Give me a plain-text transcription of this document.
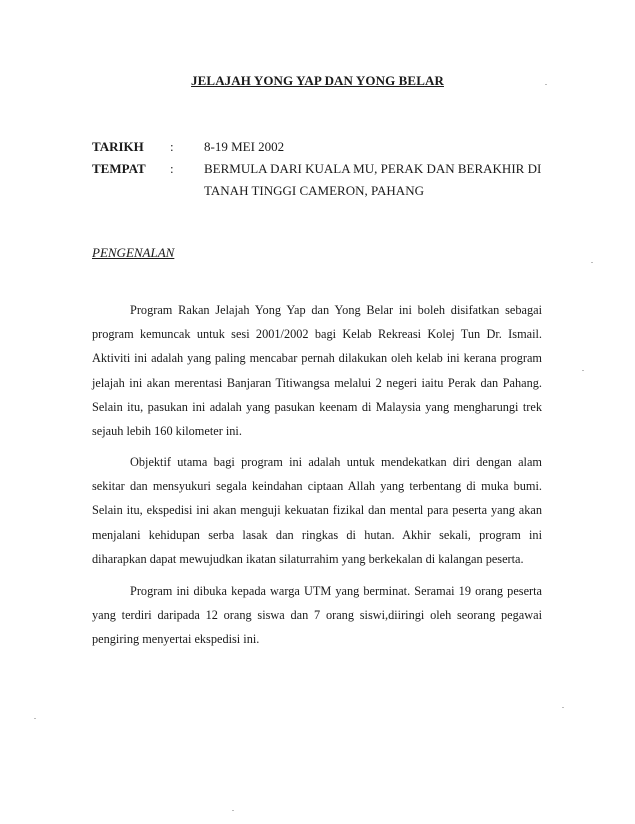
JELAJAH YONG YAP DAN YONG BELAR
TARIKH	:	8-19 MEI 2002
TEMPAT	:	BERMULA DARI KUALA MU, PERAK DAN BERAKHIR DI
TANAH TINGGI CAMERON, PAHANG
PENGENALAN
Program Rakan Jelajah Yong Yap dan Yong Belar ini boleh disifatkan sebagai
program kemuncak untuk sesi 2001/2002 bagi Kelab Rekreasi Kolej Tun Dr. Ismail.
Aktiviti ini adalah yang paling mencabar pernah dilakukan oleh kelab ini kerana program
jelajah ini akan merentasi Banjaran Titiwangsa melalui 2 negeri iaitu Perak dan Pahang.
Selain itu, pasukan ini adalah yang pasukan keenam di Malaysia yang mengharungi trek
sejauh lebih 160 kilometer ini.
Objektif utama bagi program ini adalah untuk mendekatkan diri dengan alam
sekitar dan mensyukuri segala keindahan ciptaan Allah yang terbentang di muka bumi.
Selain itu, ekspedisi ini akan menguji kekuatan fizikal dan mental para peserta yang akan
menjalani kehidupan serba lasak dan ringkas di hutan. Akhir sekali, program ini
diharapkan dapat mewujudkan ikatan silaturrahim yang berkekalan di kalangan peserta.
Program ini dibuka kepada warga UTM yang berminat. Seramai 19 orang peserta
yang terdiri daripada 12 orang siswa dan 7 orang siswi,diiringi oleh seorang pegawai
pengiring menyertai ekspedisi ini.
